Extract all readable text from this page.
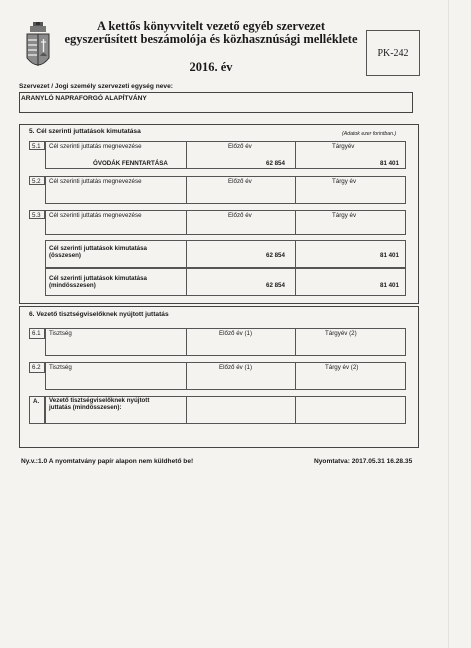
A kettős könyvvitelt vezető egyéb szervezet
egyszerűsített beszámolója és közhasznúsági melléklete
2016. év
PK-242
Szervezet / Jogi személy szervezeti egység neve:
ARANYLÓ NAPRAFORGÓ ALAPÍTVÁNY
5. Cél szerinti juttatások kimutatása	(Adatok ezer forintban.)
5.1 Cél szerinti juttatás megnevezése	Előző év	Tárgyév
ÓVODÁK FENNTARTÁSA	62 854	81 401
5.2 Cél szerinti juttatás megnevezése	Előző év	Tárgy év
5.3 Cél szerinti juttatás megnevezése	Előző év	Tárgy év
Cél szerinti juttatások kimutatása
(összesen)	62 854	81 401
Cél szerinti juttatások kimutatása
(mindösszesen)	62 854	81 401
6. Vezető tisztségviselőknek nyújtott juttatás
6.1 Tisztség	Előző év (1)	Tárgyév (2)
6.2 Tisztség	Előző év (1)	Tárgy év (2)
A. Vezető tisztségviselőknek nyújtott
juttatás (mindösszesen):
Ny.v.:1.0 A nyomtatvány papír alapon nem küldhető be!	Nyomtatva: 2017.05.31 16.28.35
